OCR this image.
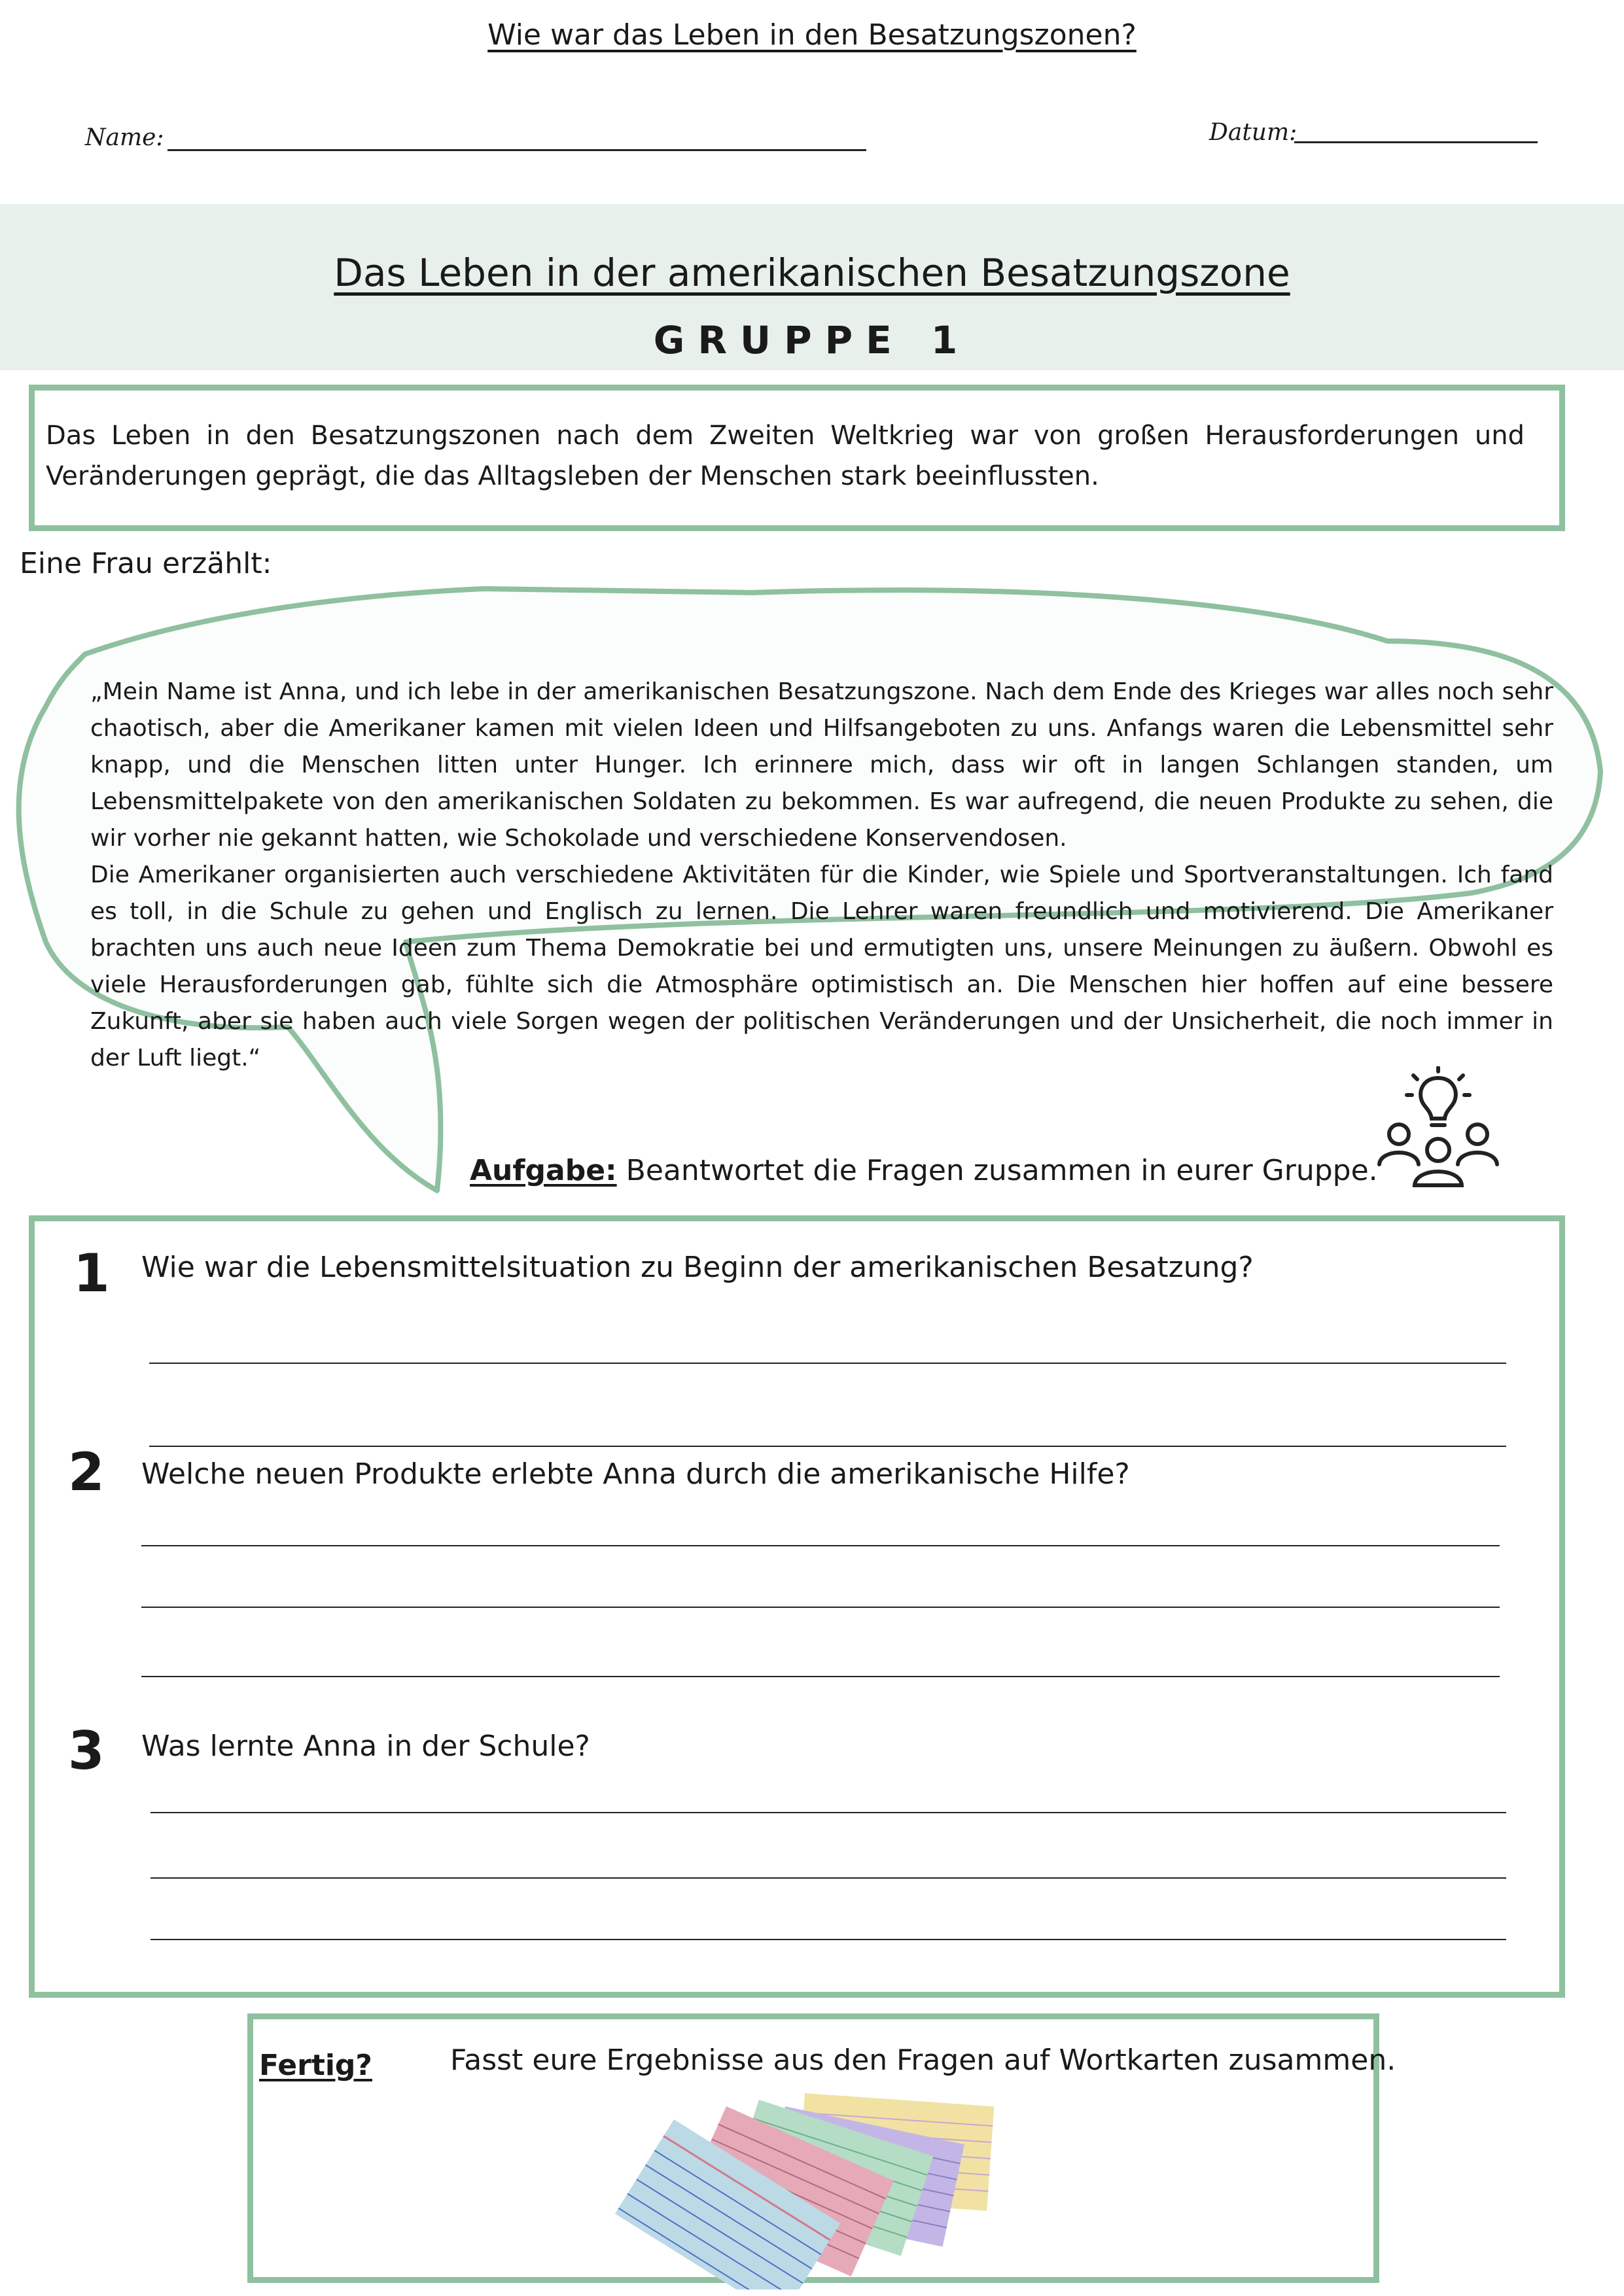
Wie war das Leben in den Besatzungszonen?
Name:	Datum:
Das Leben in der amerikanischen Besatzungszone
GRUPPE 1
Das Leben in den Besatzungszonen nach dem Zweiten Weltkrieg war von großen Herausforderungen und Veränderungen geprägt, die das Alltagsleben der Menschen stark beeinflussten.
Eine Frau erzählt:

„Mein Name ist Anna, und ich lebe in der amerikanischen Besatzungszone. Nach dem Ende des Krieges war alles noch sehr chaotisch, aber die Amerikaner kamen mit vielen Ideen und Hilfsangeboten zu uns. Anfangs waren die Lebensmittel sehr knapp, und die Menschen litten unter Hunger. Ich erinnere mich, dass wir oft in langen Schlangen standen, um Lebensmittelpakete von den amerikanischen Soldaten zu bekommen. Es war aufregend, die neuen Produkte zu sehen, die wir vorher nie gekannt hatten, wie Schokolade und verschiedene Konservendosen.

Die Amerikaner organisierten auch verschiedene Aktivitäten für die Kinder, wie Spiele und Sportveranstaltungen. Ich fand es toll, in die Schule zu gehen und Englisch zu lernen. Die Lehrer waren freundlich und motivierend. Die Amerikaner brachten uns auch neue Ideen zum Thema Demokratie bei und ermutigten uns, unsere Meinungen zu äußern. Obwohl es viele Herausforderungen gab, fühlte sich die Atmosphäre optimistisch an. Die Menschen hier hoffen auf eine bessere Zukunft, aber sie haben auch viele Sorgen wegen der politischen Veränderungen und der Unsicherheit, die noch immer in der Luft liegt.“

Aufgabe: Beantwortet die Fragen zusammen in eurer Gruppe.
1 Wie war die Lebensmittelsituation zu Beginn der amerikanischen Besatzung?
2 Welche neuen Produkte erlebte Anna durch die amerikanische Hilfe?
3 Was lernte Anna in der Schule?
Fertig?	Fasst eure Ergebnisse aus den Fragen auf Wortkarten zusammen.
